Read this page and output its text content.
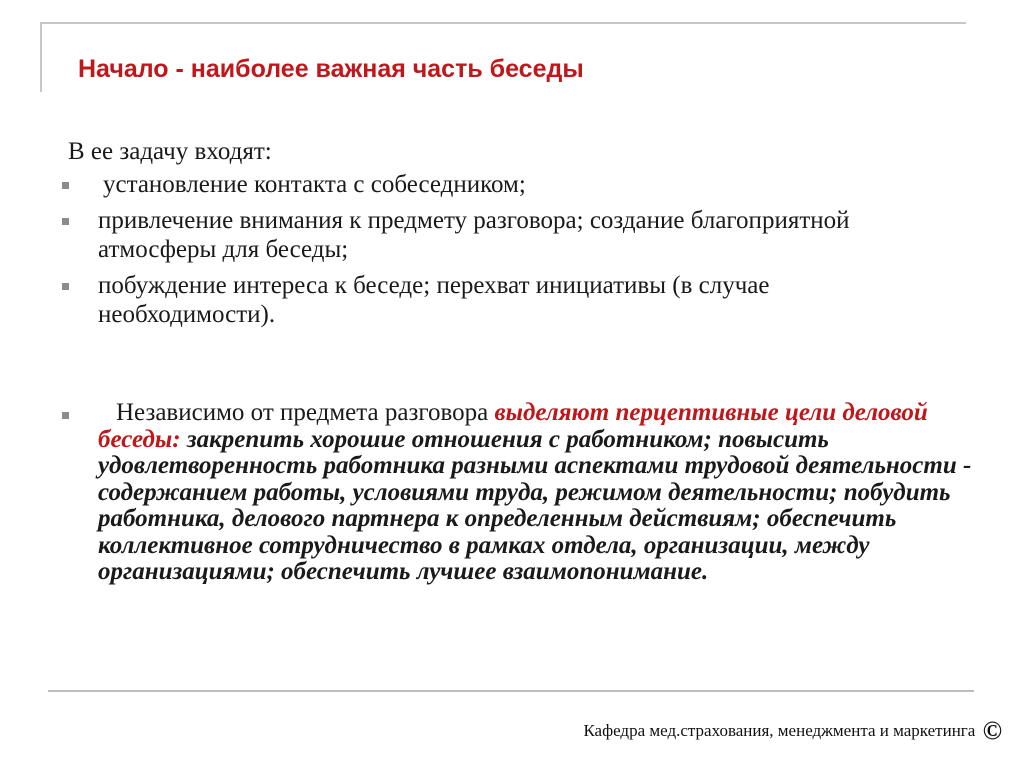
Начало - наиболее важная часть беседы
В ее задачу входят:
установление контакта с собеседником;
привлечение внимания к предмету разговора; создание благоприятной атмосферы для беседы;
побуждение интереса к беседе; перехват инициативы (в случае необходимости).
Независимо от предмета разговора выделяют перцептивные цели деловой беседы: закрепить хорошие отношения с работником; повысить удовлетворенность работника разными аспектами трудовой деятельности - содержанием работы, условиями труда, режимом деятельности; побудить работника, делового партнера к определенным действиям; обеспечить коллективное сотрудничество в рамках отдела, организации, между организациями; обеспечить лучшее взаимопонимание.
Кафедра мед.страхования, менеджмента и маркетинга ©
